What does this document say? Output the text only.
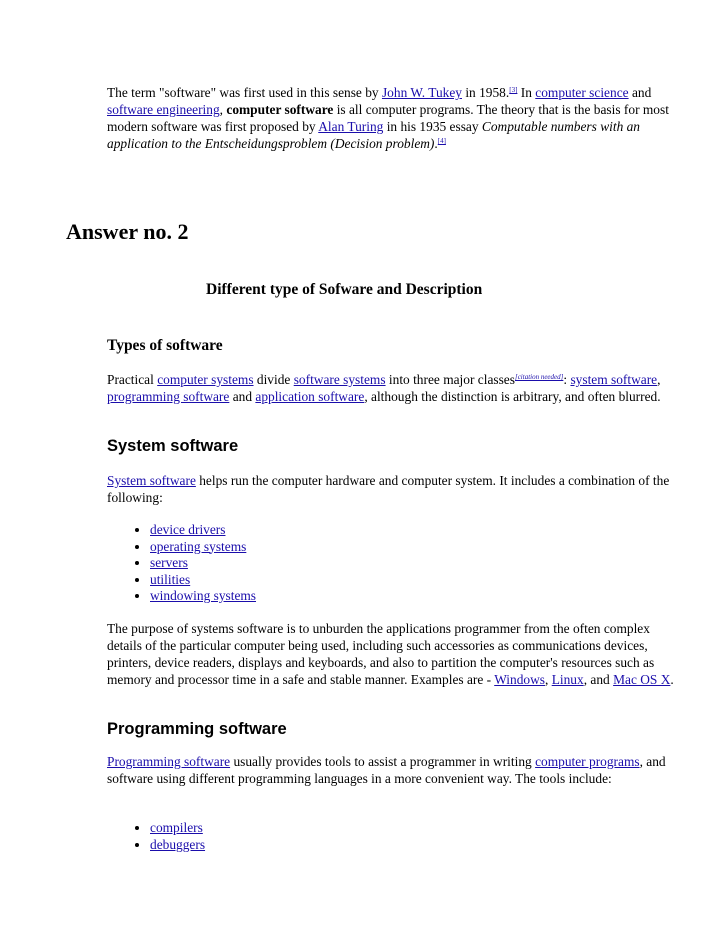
The term "software" was first used in this sense by John W. Tukey in 1958.[3] In computer science and software engineering, computer software is all computer programs. The theory that is the basis for most modern software was first proposed by Alan Turing in his 1935 essay Computable numbers with an application to the Entscheidungsproblem (Decision problem).[4]

Answer no. 2
Different type of Sofware and Description
Types of software

Practical computer systems divide software systems into three major classes[citation needed]: system software, programming software and application software, although the distinction is arbitrary, and often blurred.

System software

System software helps run the computer hardware and computer system. It includes a combination of the following:

• device drivers
• operating systems
• servers
• utilities
• windowing systems

The purpose of systems software is to unburden the applications programmer from the often complex details of the particular computer being used, including such accessories as communications devices, printers, device readers, displays and keyboards, and also to partition the computer's resources such as memory and processor time in a safe and stable manner. Examples are - Windows, Linux, and Mac OS X.

Programming software

Programming software usually provides tools to assist a programmer in writing computer programs, and software using different programming languages in a more convenient way. The tools include:

• compilers
• debuggers
